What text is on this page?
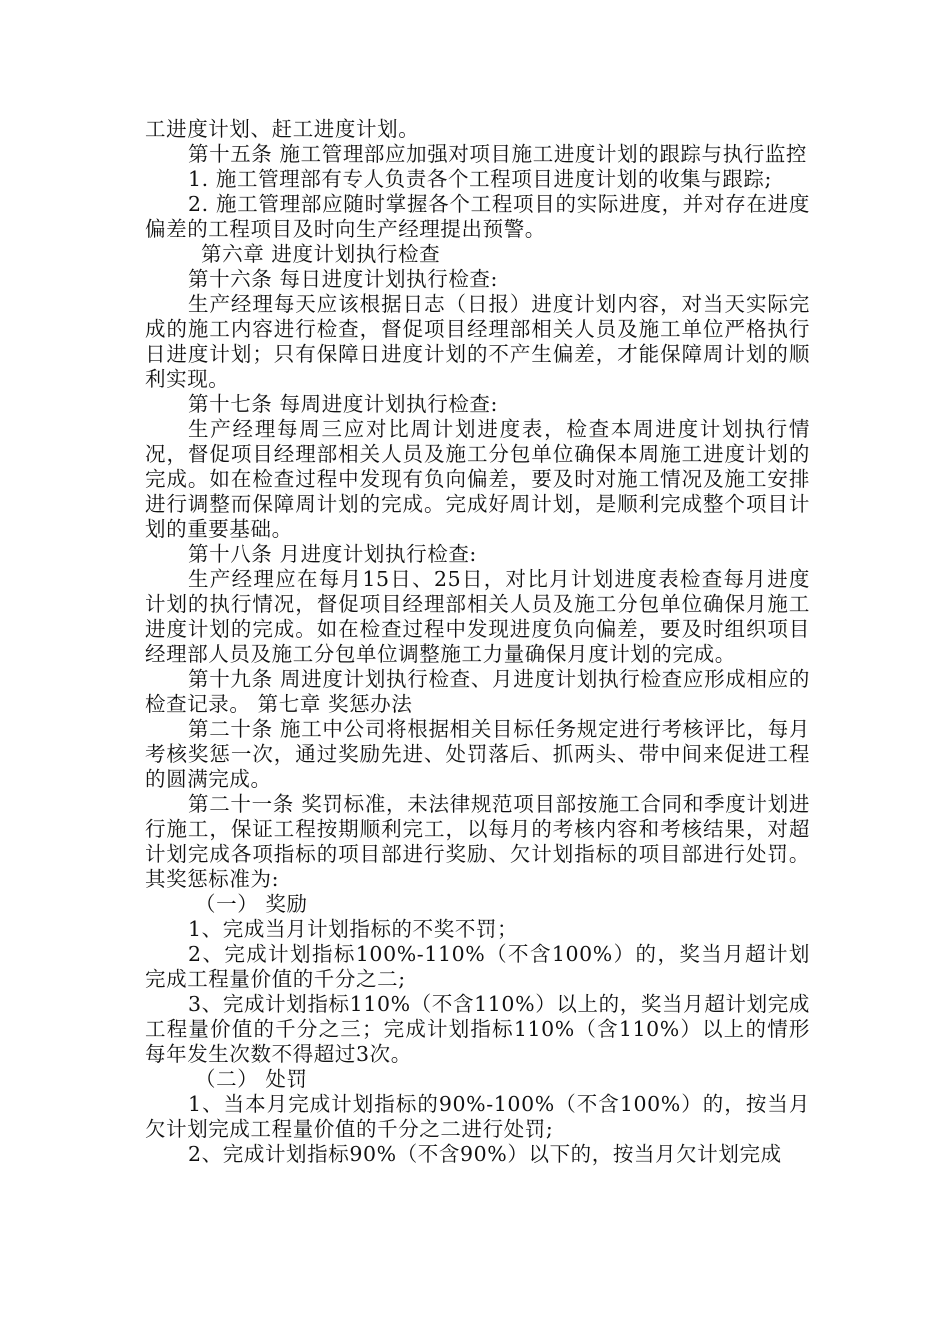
工进度计划、赶工进度计划。

第十五条 施工管理部应加强对项目施工进度计划的跟踪与执行监控

1. 施工管理部有专人负责各个工程项目进度计划的收集与跟踪;

2. 施工管理部应随时掌握各个工程项目的实际进度，并对存在进度偏差的工程项目及时向生产经理提出预警。

第六章 进度计划执行检查

第十六条 每日进度计划执行检查:

生产经理每天应该根据日志（日报）进度计划内容，对当天实际完成的施工内容进行检查，督促项目经理部相关人员及施工单位严格执行日进度计划；只有保障日进度计划的不产生偏差，才能保障周计划的顺利实现。

第十七条 每周进度计划执行检查:

生产经理每周三应对比周计划进度表，检查本周进度计划执行情况，督促项目经理部相关人员及施工分包单位确保本周施工进度计划的完成。如在检查过程中发现有负向偏差，要及时对施工情况及施工安排进行调整而保障周计划的完成。完成好周计划，是顺利完成整个项目计划的重要基础。

第十八条 月进度计划执行检查:

生产经理应在每月15日、25日，对比月计划进度表检查每月进度计划的执行情况，督促项目经理部相关人员及施工分包单位确保月施工进度计划的完成。如在检查过程中发现进度负向偏差，要及时组织项目经理部人员及施工分包单位调整施工力量确保月度计划的完成。

第十九条 周进度计划执行检查、月进度计划执行检查应形成相应的检查记录。 第七章 奖惩办法

第二十条 施工中公司将根据相关目标任务规定进行考核评比，每月考核奖惩一次，通过奖励先进、处罚落后、抓两头、带中间来促进工程的圆满完成。

第二十一条 奖罚标准，未法律规范项目部按施工合同和季度计划进行施工，保证工程按期顺利完工，以每月的考核内容和考核结果，对超计划完成各项指标的项目部进行奖励、欠计划指标的项目部进行处罚。其奖惩标准为:

（一） 奖励

1、完成当月计划指标的不奖不罚；

2、完成计划指标100%-110%（不含100%）的，奖当月超计划完成工程量价值的千分之二;

3、完成计划指标110%（不含110%）以上的，奖当月超计划完成工程量价值的千分之三；完成计划指标110%（含110%）以上的情形每年发生次数不得超过3次。

（二） 处罚

1、当本月完成计划指标的90%-100%（不含100%）的，按当月欠计划完成工程量价值的千分之二进行处罚;

2、完成计划指标90%（不含90%）以下的，按当月欠计划完成
